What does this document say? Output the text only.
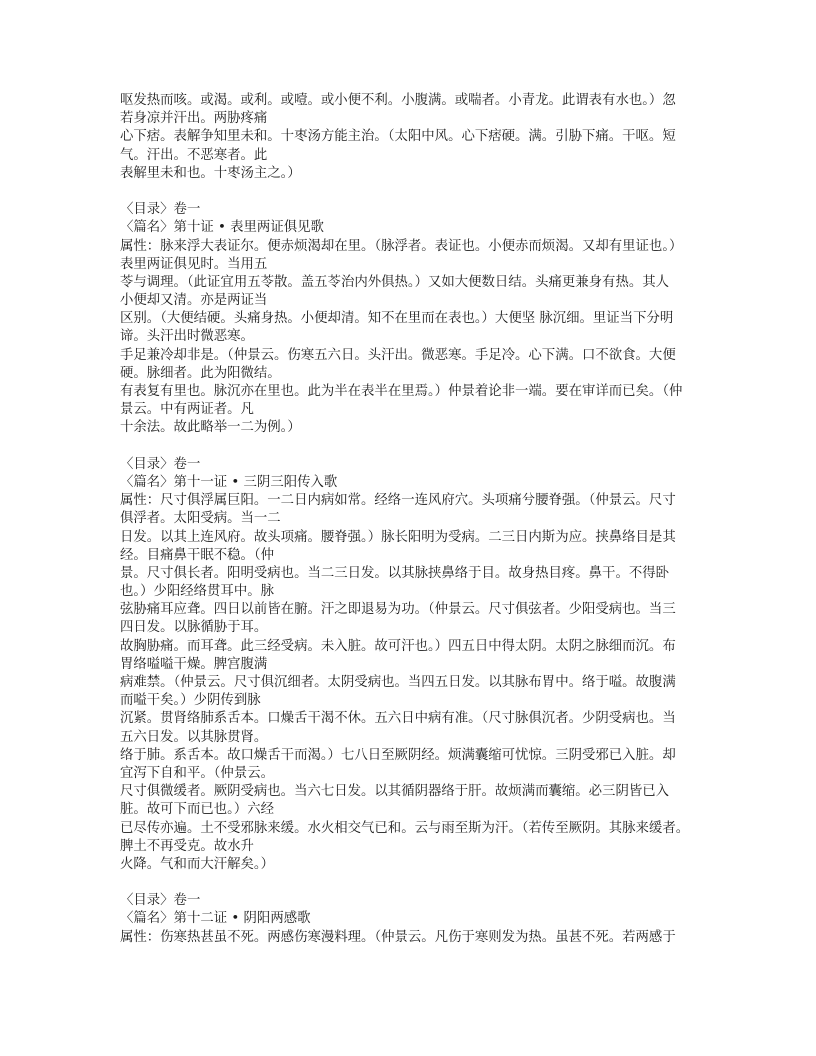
呕发热而咳。或渴。或利。或噎。或小便不利。小腹满。或喘者。小青龙。此谓表有水也。）忽
若身凉并汗出。两胁疼痛
心下痞。表解争知里未和。十枣汤方能主治。（太阳中风。心下痞硬。满。引胁下痛。干呕。短
气。汗出。不恶寒者。此
表解里未和也。十枣汤主之。）
〈目录〉卷一
〈篇名〉第十证 • 表里两证俱见歌
属性：脉来浮大表证尔。便赤烦渴却在里。（脉浮者。表证也。小便赤而烦渴。又却有里证也。）
表里两证俱见时。当用五
苓与调理。（此证宜用五苓散。盖五苓治内外俱热。）又如大便数日结。头痛更兼身有热。其人
小便却又清。亦是两证当
区别。（大便结硬。头痛身热。小便却清。知不在里而在表也。）大便坚 脉沉细。里证当下分明
谛。头汗出时微恶寒。
手足兼冷却非是。（仲景云。伤寒五六日。头汗出。微恶寒。手足冷。心下满。口不欲食。大便
硬。脉细者。此为阳微结。
有表复有里也。脉沉亦在里也。此为半在表半在里焉。）仲景着论非一端。要在审详而已矣。（仲
景云。中有两证者。凡
十余法。故此略举一二为例。）
〈目录〉卷一
〈篇名〉第十一证 • 三阴三阳传入歌
属性：尺寸俱浮属巨阳。一二日内病如常。经络一连风府穴。头项痛兮腰脊强。（仲景云。尺寸
俱浮者。太阳受病。当一二
日发。以其上连风府。故头项痛。腰脊强。）脉长阳明为受病。二三日内斯为应。挟鼻络目是其
经。目痛鼻干眠不稳。（仲
景。尺寸俱长者。阳明受病也。当二三日发。以其脉挟鼻络于目。故身热目疼。鼻干。不得卧
也。）少阳经络贯耳中。脉
弦胁痛耳应聋。四日以前皆在腑。汗之即退易为功。（仲景云。尺寸俱弦者。少阳受病也。当三
四日发。以脉循胁于耳。
故胸胁痛。而耳聋。此三经受病。未入脏。故可汗也。）四五日中得太阴。太阴之脉细而沉。布
胃络嗌嗌干燥。脾宫腹满
病难禁。（仲景云。尺寸俱沉细者。太阴受病也。当四五日发。以其脉布胃中。络于嗌。故腹满
而嗌干矣。）少阴传到脉
沉紧。贯肾络肺系舌本。口燥舌干渴不休。五六日中病有准。（尺寸脉俱沉者。少阴受病也。当
五六日发。以其脉贯肾。
络于肺。系舌本。故口燥舌干而渴。）七八日至厥阴经。烦满囊缩可忧惊。三阴受邪已入脏。却
宜泻下自和平。（仲景云。
尺寸俱微缓者。厥阴受病也。当六七日发。以其循阴器络于肝。故烦满而囊缩。必三阴皆已入
脏。故可下而已也。）六经
已尽传亦遍。土不受邪脉来缓。水火相交气已和。云与雨至斯为汗。（若传至厥阴。其脉来缓者。
脾土不再受克。故水升
火降。气和而大汗解矣。）
〈目录〉卷一
〈篇名〉第十二证 • 阴阳两感歌
属性：伤寒热甚虽不死。两感伤寒漫料理。（仲景云。凡伤于寒则发为热。虽甚不死。若两感于
